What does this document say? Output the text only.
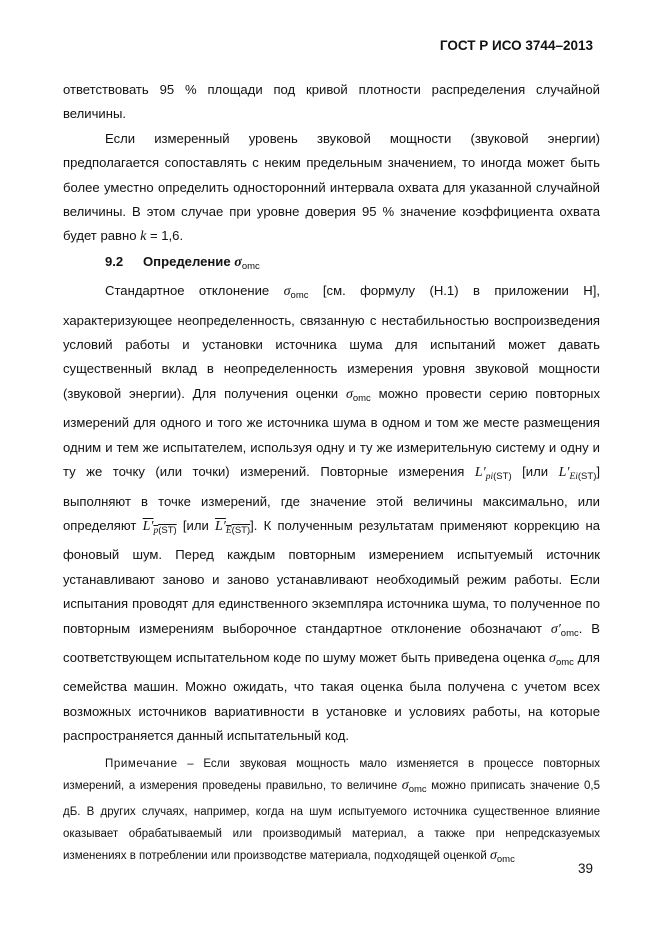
ГОСТ Р ИСО 3744–2013

ответствовать 95 % площади под кривой плотности распределения случайной величины.

Если измеренный уровень звуковой мощности (звуковой энергии) предполагается сопоставлять с неким предельным значением, то иногда может быть более уместно определить односторонний интервала охвата для указанной случайной величины. В этом случае при уровне доверия 95 % значение коэффициента охвата будет равно k = 1,6.

9.2 Определение $\sigma_{omc}$

Стандартное отклонение $\sigma_{omc}$ [см. формулу (Н.1) в приложении Н], характеризующее неопределенность, связанную с нестабильностью воспроизведения условий работы и установки источника шума для испытаний может давать существенный вклад в неопределенность измерения уровня звуковой мощности (звуковой энергии). Для получения оценки $\sigma_{omc}$ можно провести серию повторных измерений для одного и того же источника шума в одном и том же месте размещения одним и тем же испытателем, используя одну и ту же измерительную систему и одну и ту же точку (или точки) измерений. Повторные измерения $L'_{pi(ST)}$ [или $L'_{Ei(ST)}$] выполняют в точке измерений, где значение этой величины максимально, или определяют $L'_{p(ST)}$ [или $L'_{E(ST)}$]. К полученным результатам применяют коррекцию на фоновый шум. Перед каждым повторным измерением испытуемый источник устанавливают заново и заново устанавливают необходимый режим работы. Если испытания проводят для единственного экземпляра источника шума, то полученное по повторным измерениям выборочное стандартное отклонение обозначают $\sigma'_{omc}$. В соответствующем испытательном коде по шуму может быть приведена оценка $\sigma_{omc}$ для семейства машин. Можно ожидать, что такая оценка была получена с учетом всех возможных источников вариативности в установке и условиях работы, на которые распространяется данный испытательный код.

Примечание – Если звуковая мощность мало изменяется в процессе повторных измерений, а измерения проведены правильно, то величине $\sigma_{omc}$ можно приписать значение 0,5 дБ. В других случаях, например, когда на шум испытуемого источника существенное влияние оказывает обрабатываемый или производимый материал, а также при непредсказуемых изменениях в потреблении или производстве материала, подходящей оценкой $\sigma_{omc}$

39
